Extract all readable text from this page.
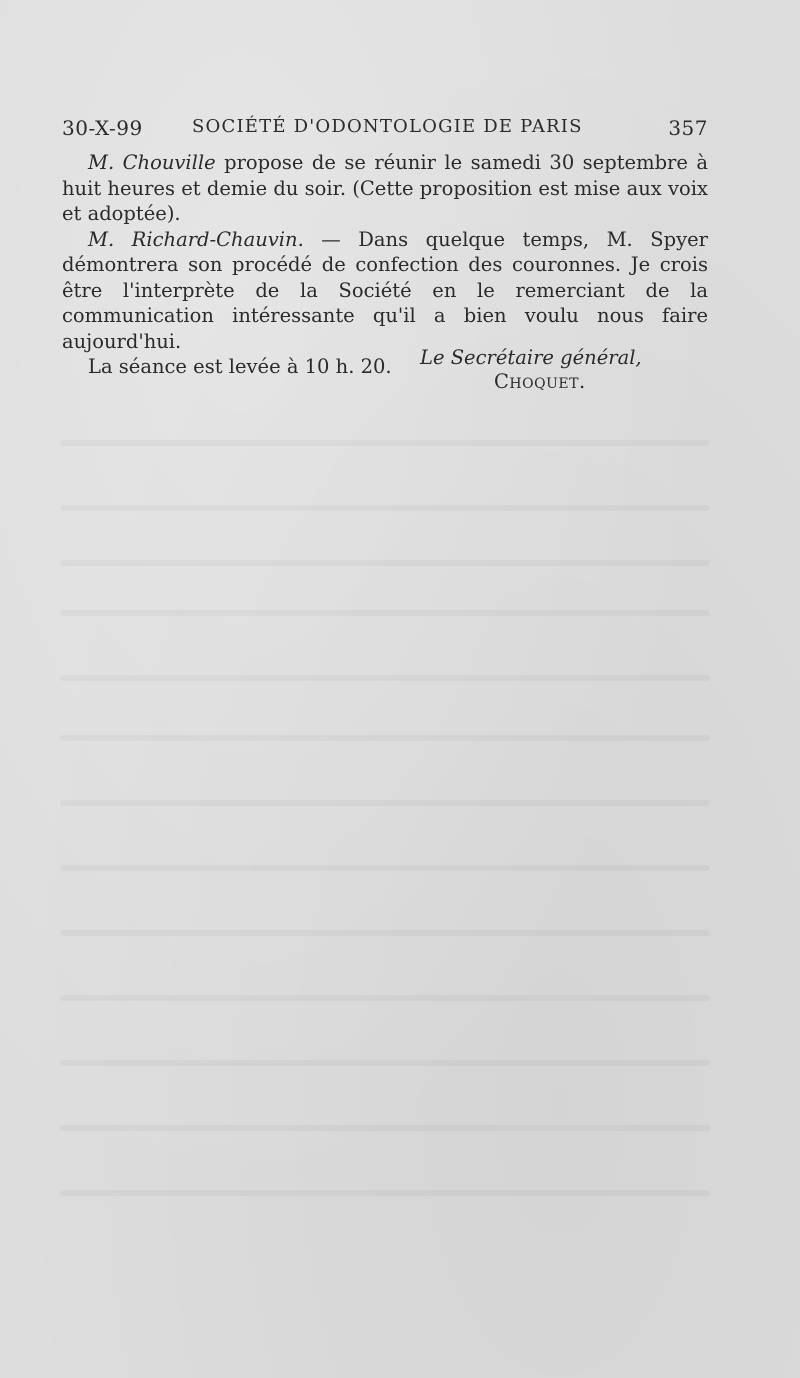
30-X-99	SOCIÉTÉ D'ODONTOLOGIE DE PARIS	357

M. Chouville propose de se réunir le samedi 30 septembre à huit heures et demie du soir. (Cette proposition est mise aux voix et adoptée).

M. Richard-Chauvin. — Dans quelque temps, M. Spyer démontrera son procédé de confection des couronnes. Je crois être l'interprète de la Société en le remerciant de la communication intéressante qu'il a bien voulu nous faire aujourd'hui.

La séance est levée à 10 h. 20.	Le Secrétaire général,
Choquet.
